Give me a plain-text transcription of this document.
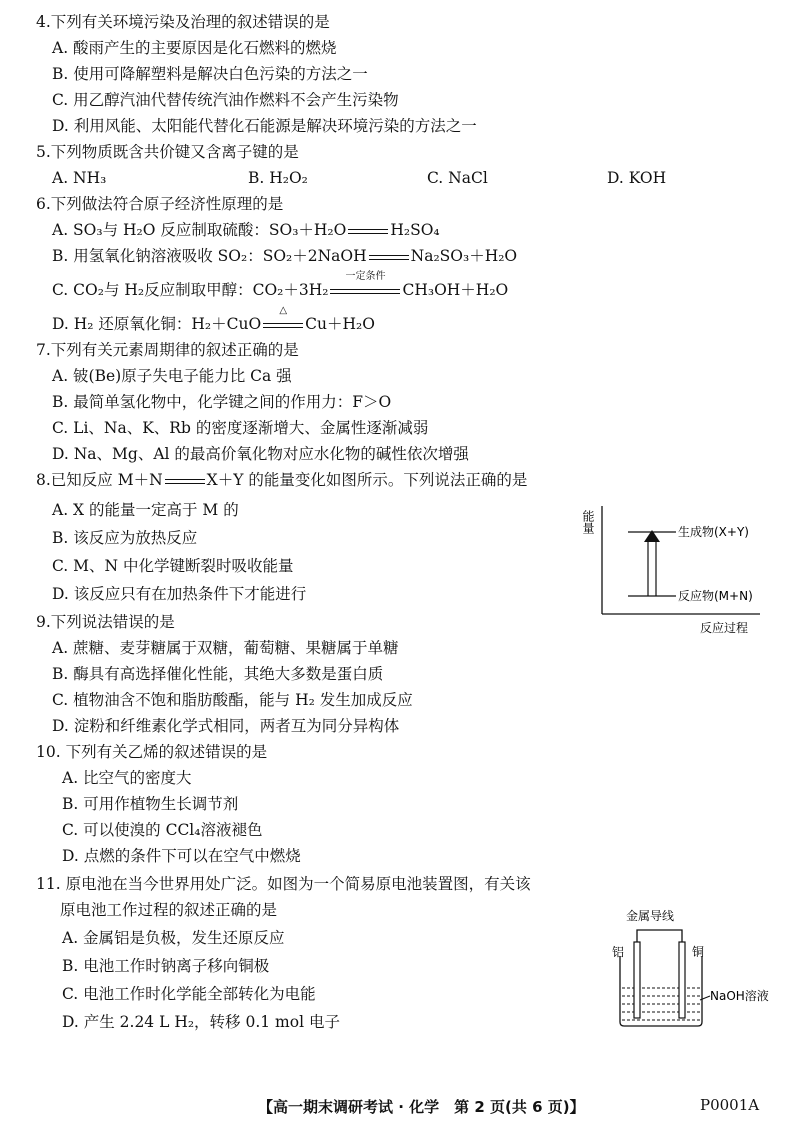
4.下列有关环境污染及治理的叙述错误的是
A. 酸雨产生的主要原因是化石燃料的燃烧
B. 使用可降解塑料是解决白色污染的方法之一
C. 用乙醇汽油代替传统汽油作燃料不会产生污染物
D. 利用风能、太阳能代替化石能源是解决环境污染的方法之一
5.下列物质既含共价键又含离子键的是
A. NH₃	B. H₂O₂	C. NaCl	D. KOH
6.下列做法符合原子经济性原理的是
A. SO₃与 H₂O 反应制取硫酸：SO₃＋H₂O	H₂SO₄
B. 用氢氧化钠溶液吸收 SO₂：SO₂＋2NaOH	Na₂SO₃＋H₂O
C. CO₂与 H₂反应制取甲醇：CO₂＋3H₂
一定条件
CH₃OH＋H₂O
D. H₂ 还原氧化铜：H₂＋CuO
△
Cu＋H₂O
7.下列有关元素周期律的叙述正确的是
A. 铍(Be)原子失电子能力比 Ca 强
B. 最简单氢化物中，化学键之间的作用力：F＞O
C. Li、Na、K、Rb 的密度逐渐增大、金属性逐渐减弱
D. Na、Mg、Al 的最高价氧化物对应水化物的碱性依次增强
8.已知反应 M＋N	X＋Y 的能量变化如图所示。下列说法正确的是
A. X 的能量一定高于 M 的
B. 该反应为放热反应
C. M、N 中化学键断裂时吸收能量
D. 该反应只有在加热条件下才能进行
能量	生成物(X+Y)
反应物(M+N)
反应过程
9.下列说法错误的是
A. 蔗糖、麦芽糖属于双糖，葡萄糖、果糖属于单糖
B. 酶具有高选择催化性能，其绝大多数是蛋白质
C. 植物油含不饱和脂肪酸酯，能与 H₂ 发生加成反应
D. 淀粉和纤维素化学式相同，两者互为同分异构体
10. 下列有关乙烯的叙述错误的是
A. 比空气的密度大
B. 可用作植物生长调节剂
C. 可以使溴的 CCl₄溶液褪色
D. 点燃的条件下可以在空气中燃烧
11. 原电池在当今世界用处广泛。如图为一个简易原电池装置图，有关该
原电池工作过程的叙述正确的是
A. 金属铝是负极，发生还原反应
B. 电池工作时钠离子移向铜极
C. 电池工作时化学能全部转化为电能
D. 产生 2.24 L H₂，转移 0.1 mol 电子
金属导线
铝	铜
NaOH溶液
【高一期末调研考试 · 化学　第 2 页(共 6 页)】	P0001A
